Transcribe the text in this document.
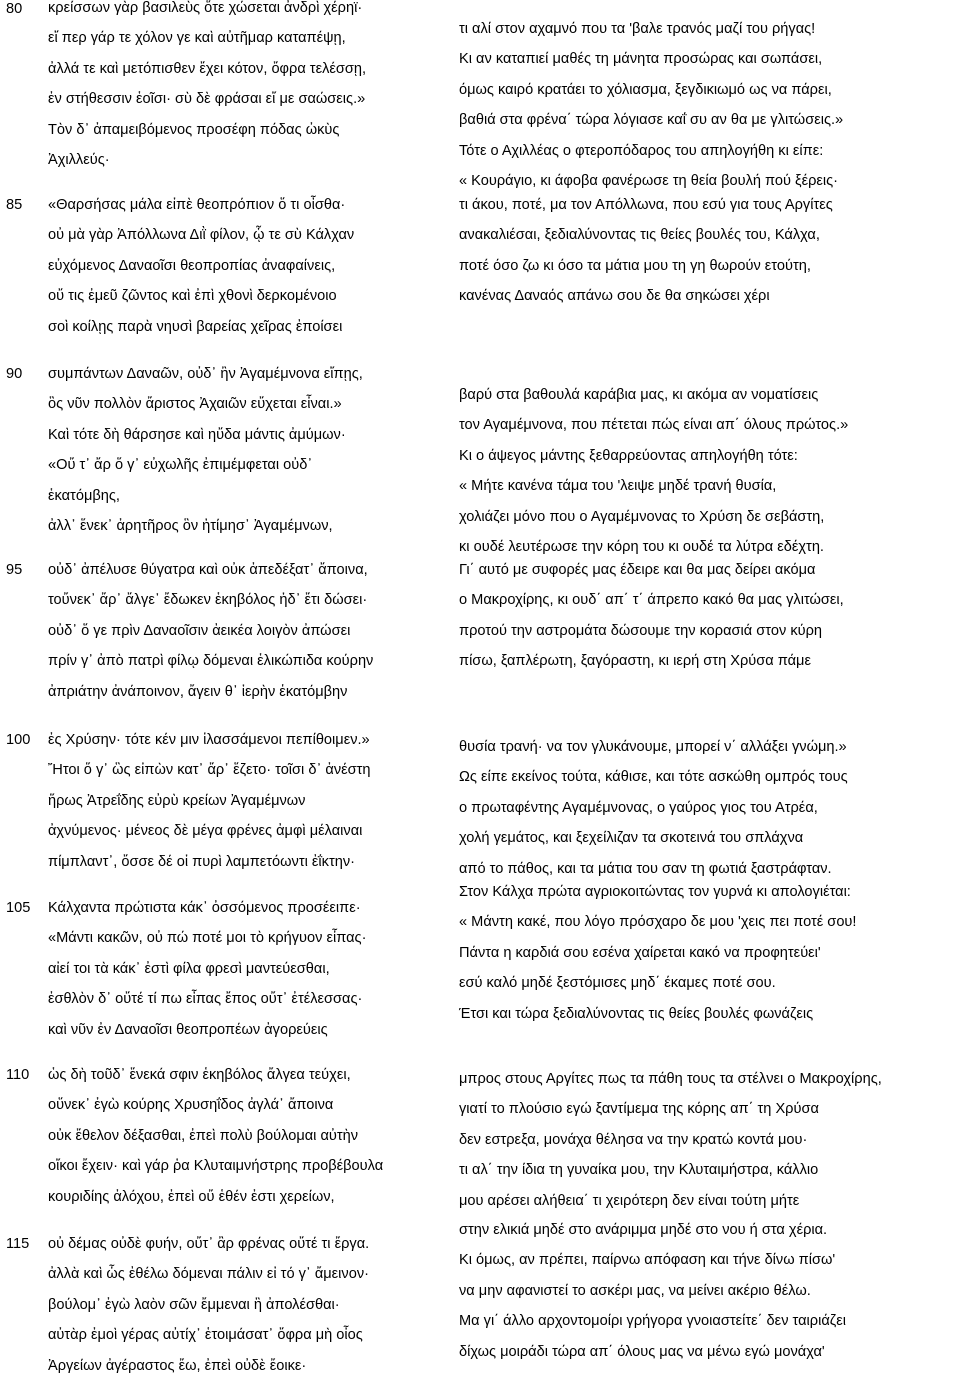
80	κρείσσων γὰρ βασιλεὺς ὅτε χώσεται ἀνδρὶ χέρηϊ·
εἴ περ γάρ τε χόλον γε καὶ αὐτῆμαρ καταπέψῃ,
ἀλλά τε καὶ μετόπισθεν ἔχει κότον, ὄφρα τελέσσῃ,
ἐν στήθεσσιν ἑοῖσι· σὺ δὲ φράσαι εἴ με σαώσεις.»
Τὸν δ᾽ ἀπαμειβόμενος προσέφη πόδας ὠκὺς
Ἀχιλλεύς·
τι αλί στον αχαμνό που τα 'βαλε τρανός μαζί του ρήγας!
Κι αν καταπιεί μαθές τη μάνητα προσώρας και σωπάσει,
όμως καιρό κρατάει το χόλιασμα, ξεγδικιωμό ως να πάρει,
βαθιά στα φρένα΄ τώρα λόγιασε καΐ συ αν θα με γλιτώσεις.»
Τότε ο Αχιλλέας ο φτεροπόδαρος του απηλογήθη κι είπε:
« Κουράγιο, κι άφοβα φανέρωσε τη θεία βουλή πού ξέρεις·
85	«Θαρσήσας μάλα εἰπὲ θεοπρόπιον ὅ τι οἶσθα·
οὐ μὰ γὰρ Ἀπόλλωνα Διῒ φίλον, ᾧ τε σὺ Κάλχαν
εὐχόμενος Δαναοῖσι θεοπροπίας ἀναφαίνεις,
οὔ τις ἐμεῦ ζῶντος καὶ ἐπὶ χθονὶ δερκομένοιο
σοὶ κοίλῃς παρὰ νηυσὶ βαρείας χεῖρας ἐποίσει
τι άκου, ποτέ, μα τον Απόλλωνα, που εσύ για τους Αργίτες
ανακαλιέσαι, ξεδιαλύνοντας τις θείες βουλές του, Κάλχα,
ποτέ όσο ζω κι όσο τα μάτια μου τη γη θωρούν ετούτη,
κανένας Δαναός απάνω σου δε θα σηκώσει χέρι
90	συμπάντων Δαναῶν, οὐδ᾽ ἢν Ἀγαμέμνονα εἴπῃς,
ὃς νῦν πολλὸν ἄριστος Ἀχαιῶν εὔχεται εἶναι.»
Καὶ τότε δὴ θάρσησε καὶ ηὔδα μάντις ἀμύμων·
«Οὔ τ᾽ ἄρ ὅ γ᾽ εὐχωλῆς ἐπιμέμφεται οὐδ᾽
ἑκατόμβης,
ἀλλ᾽ ἕνεκ᾽ ἀρητῆρος ὃν ἠτίμησ᾽ Ἀγαμέμνων,
βαρύ στα βαθουλά καράβια μας, κι ακόμα αν νοματίσεις
τον Αγαμέμνονα, που πέτεται πώς είναι απ΄ όλους πρώτος.»
Κι ο άψεγος μάντης ξεθαρρεύοντας απηλογήθη τότε:
« Μήτε κανένα τάμα του 'λειψε μηδέ τρανή θυσία,
χολιάζει μόνο που ο Αγαμέμνονας το Χρύση δε σεβάστη,
κι ουδέ λευτέρωσε την κόρη του κι ουδέ τα λύτρα εδέχτη.
95	οὐδ᾽ ἀπέλυσε θύγατρα καὶ οὐκ ἀπεδέξατ᾽ ἄποινα,
τοὔνεκ᾽ ἄρ᾽ ἄλγε᾽ ἔδωκεν ἑκηβόλος ἠδ᾽ ἔτι δώσει·
οὐδ᾽ ὅ γε πρὶν Δαναοῖσιν ἀεικέα λοιγὸν ἀπώσει
πρίν γ᾽ ἀπὸ πατρὶ φίλῳ δόμεναι ἑλικώπιδα κούρην
ἀπριάτην ἀνάποινον, ἄγειν θ᾽ ἱερὴν ἑκατόμβην
Γι΄ αυτό με συφορές μας έδειρε και θα μας δείρει ακόμα
ο Μακροχίρης, κι ουδ΄ απ΄ τ΄ άπρεπο κακό θα μας γλιτώσει,
προτού την αστρομάτα δώσουμε την κορασιά στον κύρη
πίσω, ξαπλέρωτη, ξαγόραστη, κι ιερή στη Χρύσα πάμε
100	ἐς Χρύσην· τότε κέν μιν ἱλασσάμενοι πεπίθοιμεν.»
Ἤτοι ὅ γ᾽ ὣς εἰπὼν κατ᾽ ἄρ᾽ ἕζετο· τοῖσι δ᾽ ἀνέστη
ἥρως Ἀτρεΐδης εὐρὺ κρείων Ἀγαμέμνων
ἀχνύμενος· μένεος δὲ μέγα φρένες ἀμφὶ μέλαιναι
πίμπλαντ᾽, ὄσσε δέ οἱ πυρὶ λαμπετόωντι ἐΐκτην·
θυσία τρανή· να τον γλυκάνουμε, μπορεί ν΄ αλλάξει γνώμη.»
Ως είπε εκείνος τούτα, κάθισε, και τότε ασκώθη ομπρός τους
ο πρωταφέντης Αγαμέμνονας, ο γαύρος γιος του Ατρέα,
χολή γεμάτος, και ξεχείλιζαν τα σκοτεινά του σπλάχνα
από το πάθος, και τα μάτια του σαν τη φωτιά ξαστράφταν.
105	Κάλχαντα πρώτιστα κάκ᾽ ὀσσόμενος προσέειπε·
«Μάντι κακῶν, οὐ πώ ποτέ μοι τὸ κρήγυον εἶπας·
αἰεί τοι τὰ κάκ᾽ ἐστὶ φίλα φρεσὶ μαντεύεσθαι,
ἐσθλὸν δ᾽ οὔτέ τί πω εἶπας ἔπος οὔτ᾽ ἐτέλεσσας·
καὶ νῦν ἐν Δαναοῖσι θεοπροπέων ἀγορεύεις
Στον Κάλχα πρώτα αγριοκοιτώντας τον γυρνά κι απολογιέται:
« Μάντη κακέ, που λόγο πρόσχαρο δε μου 'χεις πει ποτέ σου!
Πάντα η καρδιά σου εσένα χαίρεται κακό να προφητεύει'
εσύ καλό μηδέ ξεστόμισες μηδ΄ έκαμες ποτέ σου.
Έτσι και τώρα ξεδιαλύνοντας τις θείες βουλές φωνάζεις
110	ὡς δὴ τοῦδ᾽ ἕνεκά σφιν ἑκηβόλος ἄλγεα τεύχει,
οὕνεκ᾽ ἐγὼ κούρης Χρυσηΐδος ἀγλά᾽ ἄποινα
οὐκ ἔθελον δέξασθαι, ἐπεὶ πολὺ βούλομαι αὐτὴν
οἴκοι ἔχειν· καὶ γάρ ῥα Κλυταιμνήστρης προβέβουλα
κουριδίης ἀλόχου, ἐπεὶ οὔ ἑθέν ἐστι χερείων,
μπρος στους Αργίτες πως τα πάθη τους τα στέλνει ο Μακροχίρης,
γιατί το πλούσιο εγώ ξαντίμεμα της κόρης απ΄ τη Χρύσα
δεν εστρεξα, μονάχα θέλησα να την κρατώ κοντά μου·
τι αλ΄ την ίδια τη γυναίκα μου, την Κλυταιμήστρα, κάλλιο
μου αρέσει αλήθεια΄ τι χειρότερη δεν είναι τούτη μήτε
115	οὐ δέμας οὐδὲ φυήν, οὔτ᾽ ἂρ φρένας οὔτέ τι ἔργα.
ἀλλὰ καὶ ὧς ἐθέλω δόμεναι πάλιν εἰ τό γ᾽ ἄμεινον·
βούλομ᾽ ἐγὼ λαὸν σῶν ἔμμεναι ἢ ἀπολέσθαι·
αὐτὰρ ἐμοὶ γέρας αὐτίχ᾽ ἑτοιμάσατ᾽ ὄφρα μὴ οἶος
Ἀργείων ἀγέραστος ἔω, ἐπεὶ οὐδὲ ἔοικε·
στην ελικιά μηδέ στο ανάριμμα μηδέ στο νου ή στα χέρια.
Κι όμως, αν πρέπει, παίρνω απόφαση και τήνε δίνω πίσω'
να μην αφανιστεί το ασκέρι μας, να μείνει ακέριο θέλω.
Μα γι΄ άλλο αρχοντομοίρι γρήγορα γνοιαστείτε΄ δεν ταιριάζει
δίχως μοιράδι τώρα απ΄ όλους μας να μένω εγώ μονάχα'
